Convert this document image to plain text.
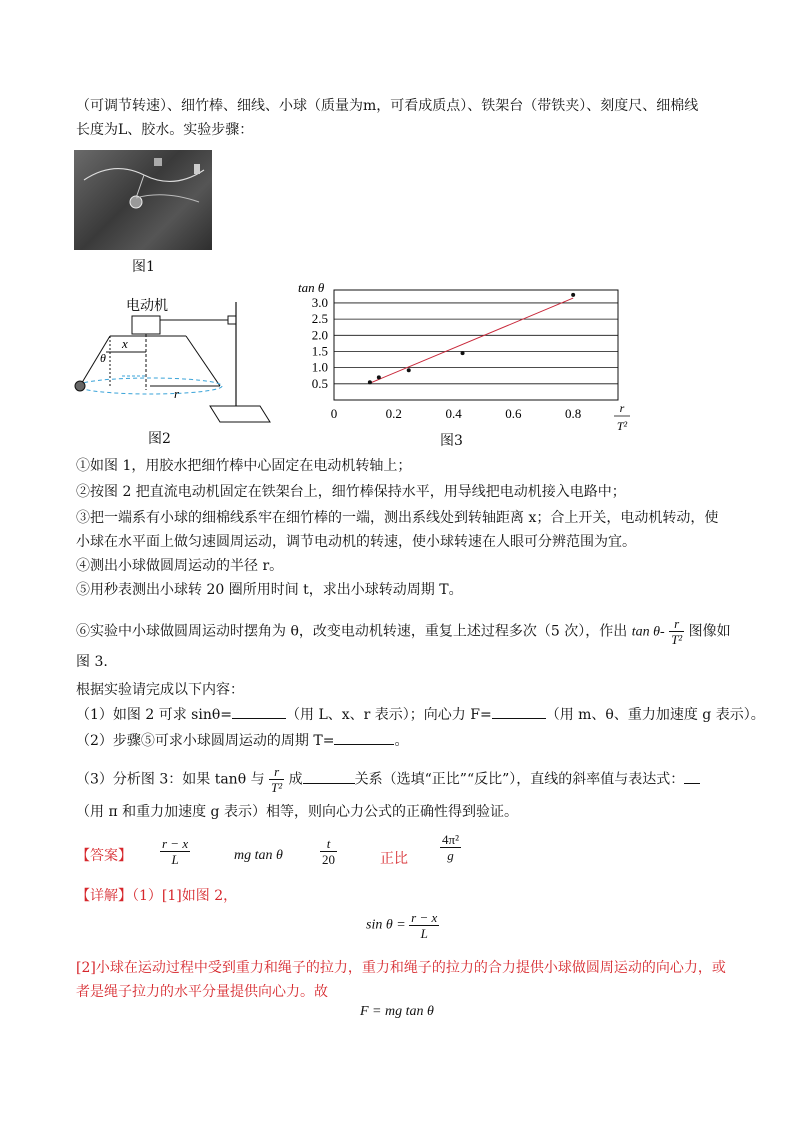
（可调节转速）、细竹棒、细线、小球（质量为m，可看成质点）、铁架台（带铁夹）、刻度尺、细棉线
长度为L、胶水。实验步骤：
图1
电动机
θ
x
r
图2
0.5
1.0
1.5
2.0
2.5
3.0
0	0.2	0.4	0.6	0.8
tan θ
r
T²
图3
①如图 1，用胶水把细竹棒中心固定在电动机转轴上；
②按图 2 把直流电动机固定在铁架台上，细竹棒保持水平，用导线把电动机接入电路中；
③把一端系有小球的细棉线系牢在细竹棒的一端，测出系线处到转轴距离 x；合上开关，电动机转动，使
小球在水平面上做匀速圆周运动，调节电动机的转速，使小球转速在人眼可分辨范围为宜。
④测出小球做圆周运动的半径 r。
⑤用秒表测出小球转 20 圈所用时间 t，求出小球转动周期 T。
⑥实验中小球做圆周运动时摆角为 θ，改变电动机转速，重复上述过程多次（5 次），作出 $\tan \theta- \frac{r}{\text{T²}}$ 图像如
图 3.
根据实验请完成以下内容：
（1）如图 2 可求 sinθ=	（用 L、x、r 表示）；向心力 F=	（用 m、θ、重力加速度 g 表示）。
（2）步骤⑤可求小球圆周运动的周期 T=	。
（3）分析图 3：如果 tanθ 与 $\frac{r}{\text{T²}}$ 成	关系（选填“正比”“反比”），直线的斜率值与表达式：
（用 π 和重力加速度 g 表示）相等，则向心力公式的正确性得到验证。
【答案】 $\frac{r - x}{L}$	mg tan θ	$\frac{t}{20}$	正比 $\frac{\text{4π²}}{g}$
【详解】（1）[1]如图 2，
$\sin \theta = \frac{r - x}{L}$
[2]小球在运动过程中受到重力和绳子的拉力，重力和绳子的拉力的合力提供小球做圆周运动的向心力，或
者是绳子拉力的水平分量提供向心力。故
F = mg tan θ
